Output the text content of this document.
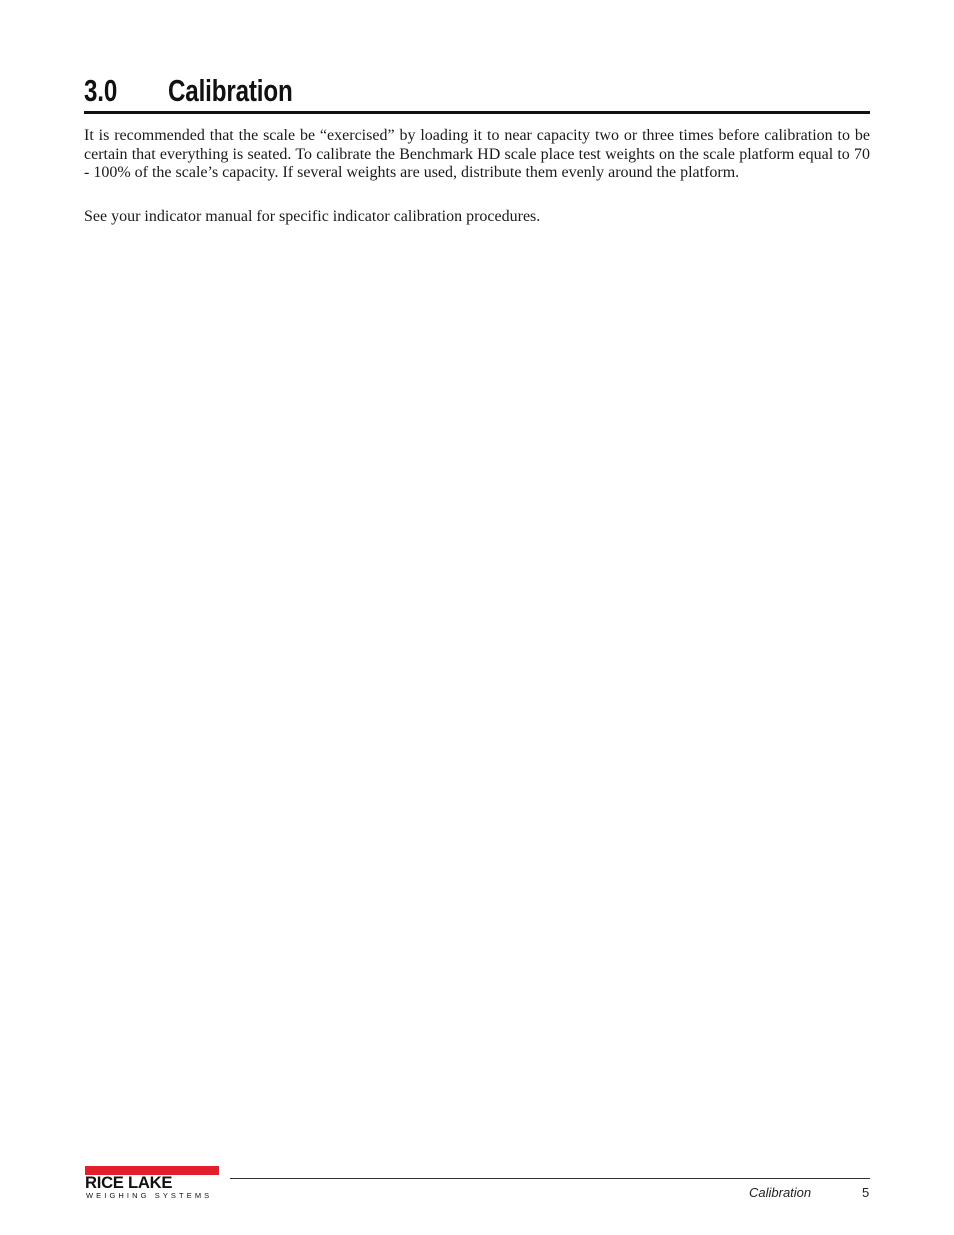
3.0 Calibration

It is recommended that the scale be “exercised” by loading it to near capacity two or three times before calibration to be certain that everything is seated. To calibrate the Benchmark HD scale place test weights on the scale platform equal to 70 - 100% of the scale’s capacity. If several weights are used, distribute them evenly around the platform.

See your indicator manual for specific indicator calibration procedures.

RICE LAKE
WEIGHING SYSTEMS	Calibration	5
